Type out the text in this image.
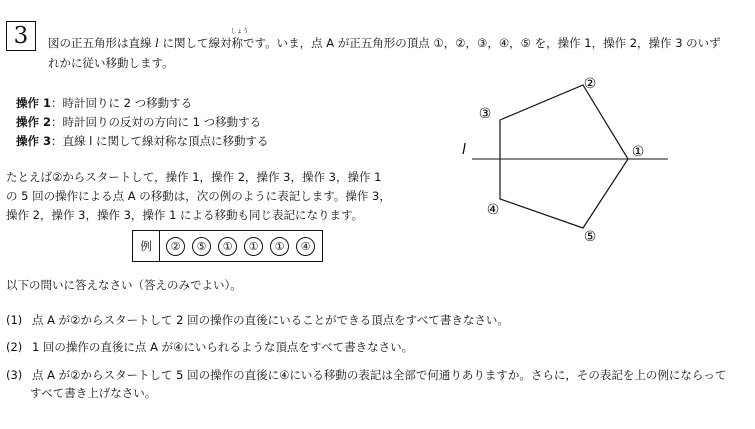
3	図の正五角形は直線 l に関して線対
しょう
称です。いま，点 A が正五角形の頂点 ①，②，③，④，⑤ を，操作 1，操作 2，操作 3 のいず
れかに従い移動します。
操作 1：時計回りに 2 つ移動する
操作 2：時計回りの反対の方向に 1 つ移動する
操作 3：直線 l に関して線対称な頂点に移動する
たとえば②からスタートして，操作 1，操作 2，操作 3，操作 3，操作 1
の 5 回の操作による点 A の移動は，次の例のように表記します。操作 3，
操作 2，操作 3，操作 3，操作 1 による移動も同じ表記になります。
例	②	⑤	①	①	①	④
以下の問いに答えなさい（答えのみでよい）。
(1) 点 A が②からスタートして 2 回の操作の直後にいることができる頂点をすべて書きなさい。
(2) 1 回の操作の直後に点 A が④にいられるような頂点をすべて書きなさい。
(3) 点 A が②からスタートして 5 回の操作の直後に④にいる移動の表記は全部で何通りありますか。さらに，その表記を上の例にならって
すべて書き上げなさい。
l
③
②
①
④
⑤
